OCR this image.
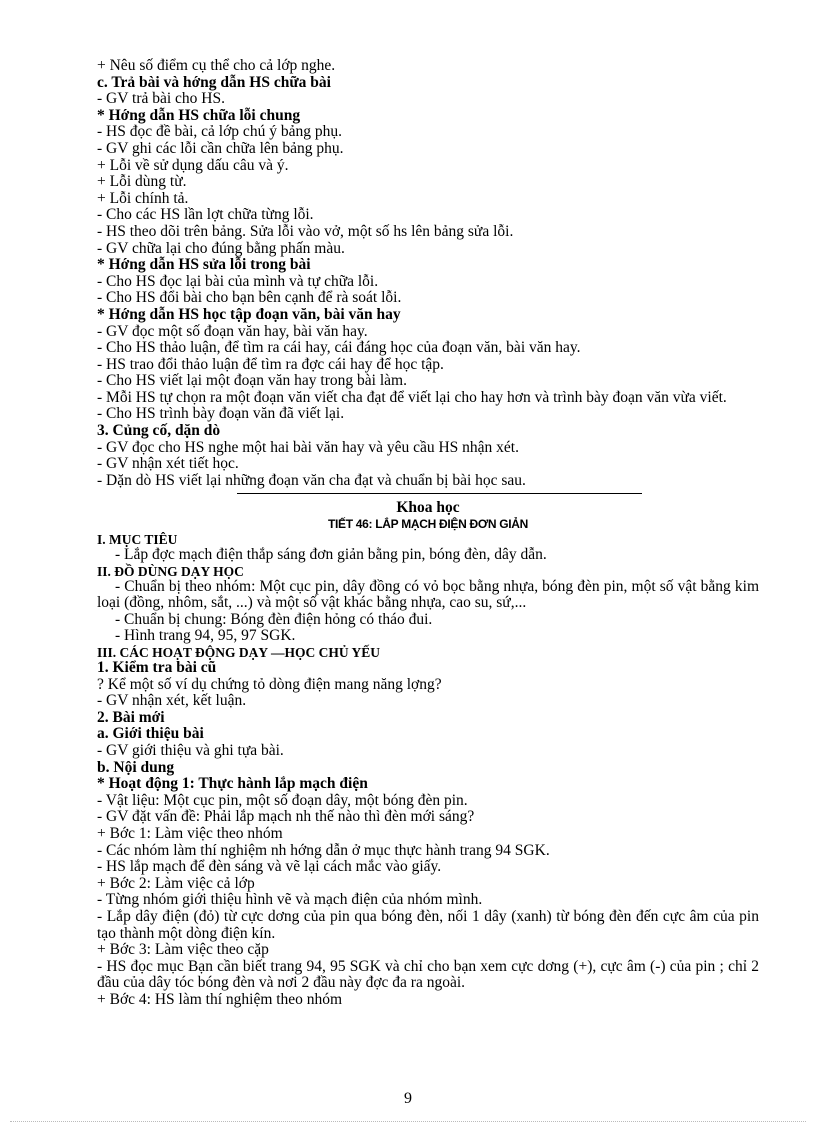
+ Nêu số điểm cụ thể cho cả lớp nghe.
c. Trả bài và hớng dẫn HS chữa bài
- GV trả bài cho HS.
* Hớng dẫn HS chữa lỗi chung
- HS đọc đề bài, cả lớp chú ý bảng phụ.
- GV ghi các lỗi cần chữa lên bảng phụ.
+ Lỗi về sử dụng dấu câu và ý.
+ Lỗi dùng từ.
+ Lỗi chính tả.
- Cho các HS lần lợt chữa từng lỗi.
- HS theo dõi trên bảng. Sửa lỗi vào vở, một số hs lên bảng sửa lỗi.
- GV chữa lại cho đúng bằng phấn màu.
* Hớng dẫn HS sửa lỗi trong bài
- Cho HS đọc lại bài của mình và tự chữa lỗi.
- Cho HS đổi bài cho bạn bên cạnh để rà soát lỗi.
* Hớng dẫn HS học tập đoạn văn, bài văn hay
- GV đọc một số đoạn văn hay, bài văn hay.
- Cho HS thảo luận, để tìm ra cái hay, cái đáng học của đoạn văn, bài văn hay.
- HS trao đổi thảo luận để tìm ra đợc cái hay để học tập.
- Cho HS viết lại một đoạn văn hay trong bài làm.
- Mỗi HS tự chọn ra một đoạn văn viết cha đạt để viết lại cho hay hơn và trình bày đoạn văn vừa viết.
- Cho HS trình bày đoạn văn đã viết lại.
3. Củng cố, dặn dò
- GV đọc cho HS nghe một hai bài văn hay và yêu cầu HS nhận xét.
- GV nhận xét tiết học.
- Dặn dò HS viết lại những đoạn văn cha đạt và chuẩn bị bài học sau.
Khoa học
TIẾT 46: LẮP MẠCH ĐIỆN ĐƠN GIẢN
I. MỤC TIÊU
- Lắp đợc mạch điện thắp sáng đơn giản bằng pin, bóng đèn, dây dẫn.
II. ĐỒ DÙNG DẠY HỌC
- Chuẩn bị theo nhóm: Một cục pin, dây đồng có vỏ bọc bằng nhựa, bóng đèn pin, một số vật bằng kim loại (đồng, nhôm, sắt, ...) và một số vật khác bằng nhựa, cao su, sứ,...
- Chuẩn bị chung: Bóng đèn điện hỏng có tháo đui.
- Hình trang 94, 95, 97 SGK.
III. CÁC HOẠT ĐỘNG DẠY —HỌC CHỦ YẾU
1. Kiểm tra bài cũ
? Kể một số ví dụ chứng tỏ dòng điện mang năng lợng?
- GV nhận xét, kết luận.
2. Bài mới
a. Giới thiệu bài
- GV giới thiệu và ghi tựa bài.
b. Nội dung
* Hoạt động 1: Thực hành lắp mạch điện
- Vật liệu: Một cục pin, một số đoạn dây, một bóng đèn pin.
- GV đặt vấn đề: Phải lắp mạch nh thế nào thì đèn mới sáng?
+ Bớc 1: Làm việc theo nhóm
- Các nhóm làm thí nghiệm nh hớng dẫn ở mục thực hành trang 94 SGK.
- HS lắp mạch để đèn sáng và vẽ lại cách mắc vào giấy.
+ Bớc 2: Làm việc cả lớp
- Từng nhóm giới thiệu hình vẽ và mạch điện của nhóm mình.
- Lắp dây điện (đỏ) từ cực dơng của pin qua bóng đèn, nối 1 dây (xanh) từ bóng đèn đến cực âm của pin tạo thành một dòng điện kín.
+ Bớc 3: Làm việc theo cặp
- HS đọc mục Bạn cần biết trang 94, 95 SGK và chỉ cho bạn xem cực dơng (+), cực âm (-) của pin ; chỉ 2 đầu của dây tóc bóng đèn và nơi 2 đầu này đợc đa ra ngoài.
+ Bớc 4: HS làm thí nghiệm theo nhóm
9
